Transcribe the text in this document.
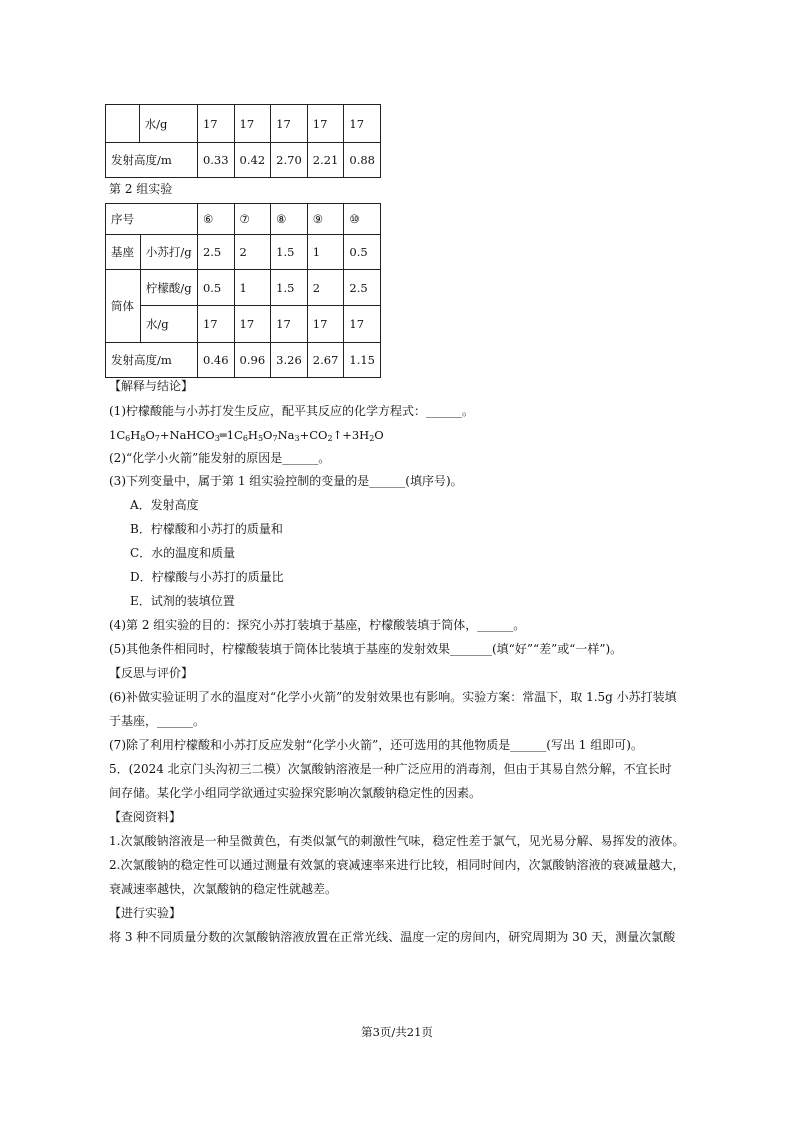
	水/g	17	17	17	17	17
发射高度/m		0.33	0.42	2.70	2.21	0.88
第 2 组实验
序号		⑥	⑦	⑧	⑨	⑩
基座	小苏打/g	2.5	2	1.5	1	0.5
筒体	柠檬酸/g	0.5	1	1.5	2	2.5
	水/g	17	17	17	17	17
发射高度/m		0.46	0.96	3.26	2.67	1.15
【解释与结论】
(1)柠檬酸能与小苏打发生反应，配平其反应的化学方程式：______。
$1C_6H_8O_7+NaHCO_3═1C_6H_5O_7Na_3+CO_2↑+3H_2O$
(2)“化学小火箭”能发射的原因是______。
(3)下列变量中，属于第 1 组实验控制的变量的是______(填序号)。
A．发射高度
B．柠檬酸和小苏打的质量和
C．水的温度和质量
D．柠檬酸与小苏打的质量比
E．试剂的装填位置
(4)第 2 组实验的目的：探究小苏打装填于基座，柠檬酸装填于筒体，______。
(5)其他条件相同时，柠檬酸装填于筒体比装填于基座的发射效果_______(填“好”“差”或“一样”)。
【反思与评价】
(6)补做实验证明了水的温度对“化学小火箭”的发射效果也有影响。实验方案：常温下，取 1.5g 小苏打装填
于基座，______。
(7)除了利用柠檬酸和小苏打反应发射“化学小火箭”，还可选用的其他物质是______(写出 1 组即可)。
5．(2024 北京门头沟初三二模）次氯酸钠溶液是一种广泛应用的消毒剂，但由于其易自然分解，不宜长时
间存储。某化学小组同学欲通过实验探究影响次氯酸钠稳定性的因素。
【查阅资料】
1.次氯酸钠溶液是一种呈微黄色，有类似氯气的刺激性气味，稳定性差于氯气，见光易分解、易挥发的液体。
2.次氯酸钠的稳定性可以通过测量有效氯的衰减速率来进行比较，相同时间内，次氯酸钠溶液的衰减量越大，
衰减速率越快，次氯酸钠的稳定性就越差。
【进行实验】
将 3 种不同质量分数的次氯酸钠溶液放置在正常光线、温度一定的房间内，研究周期为 30 天，测量次氯酸
第3页/共21页
